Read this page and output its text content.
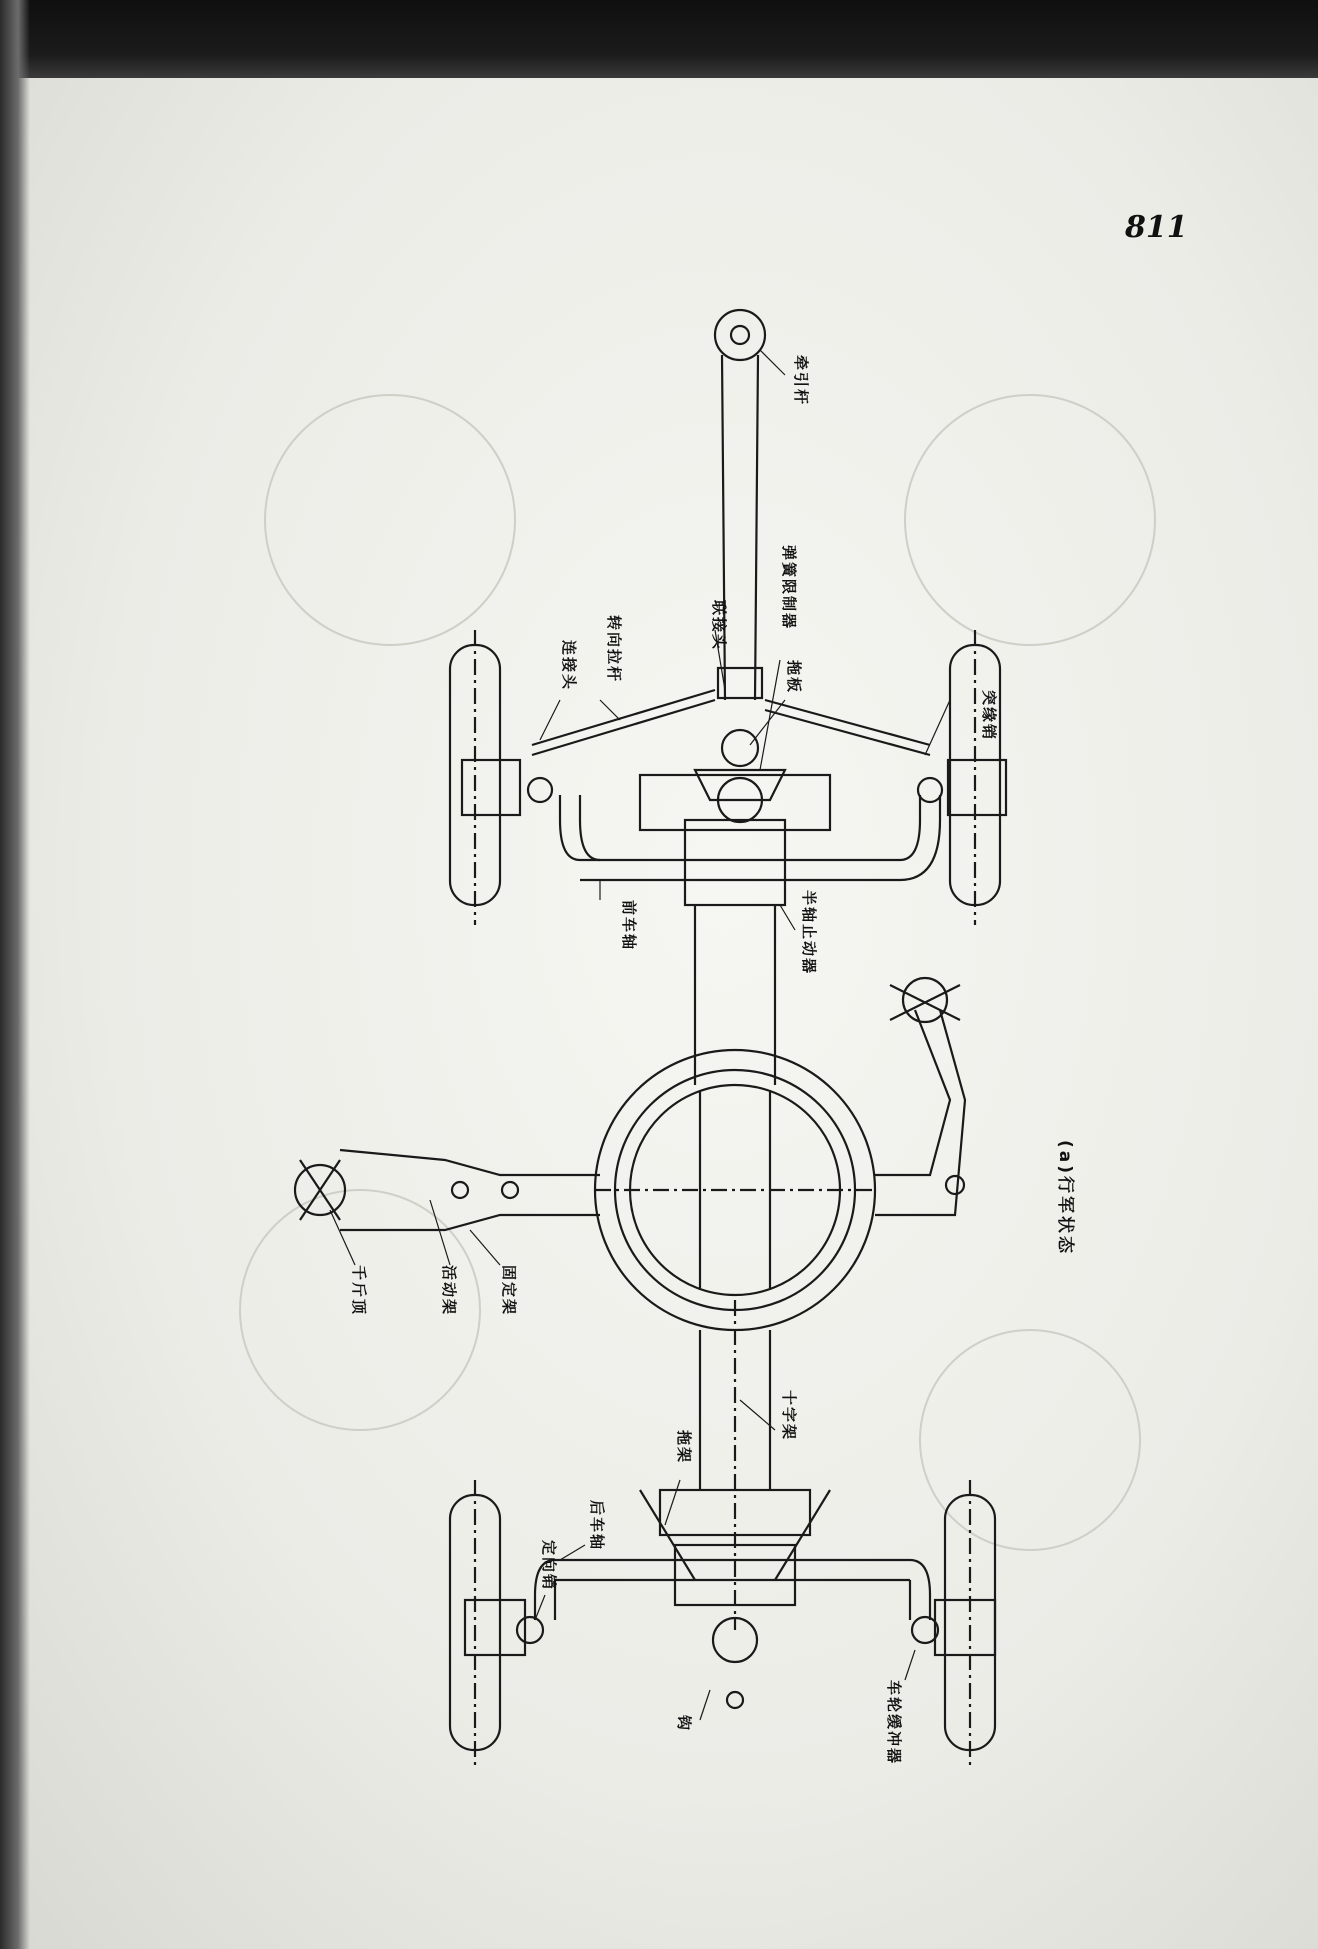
811
牵引杆
弹簧限制器
联接头
转向拉杆
连接头	拖板
突缘销
前车轴	半轴止动器
千斤顶	活动架	固定架
十字架
拖架
后车轴
定向销
钩	车轮缓冲器
(a)行军状态
